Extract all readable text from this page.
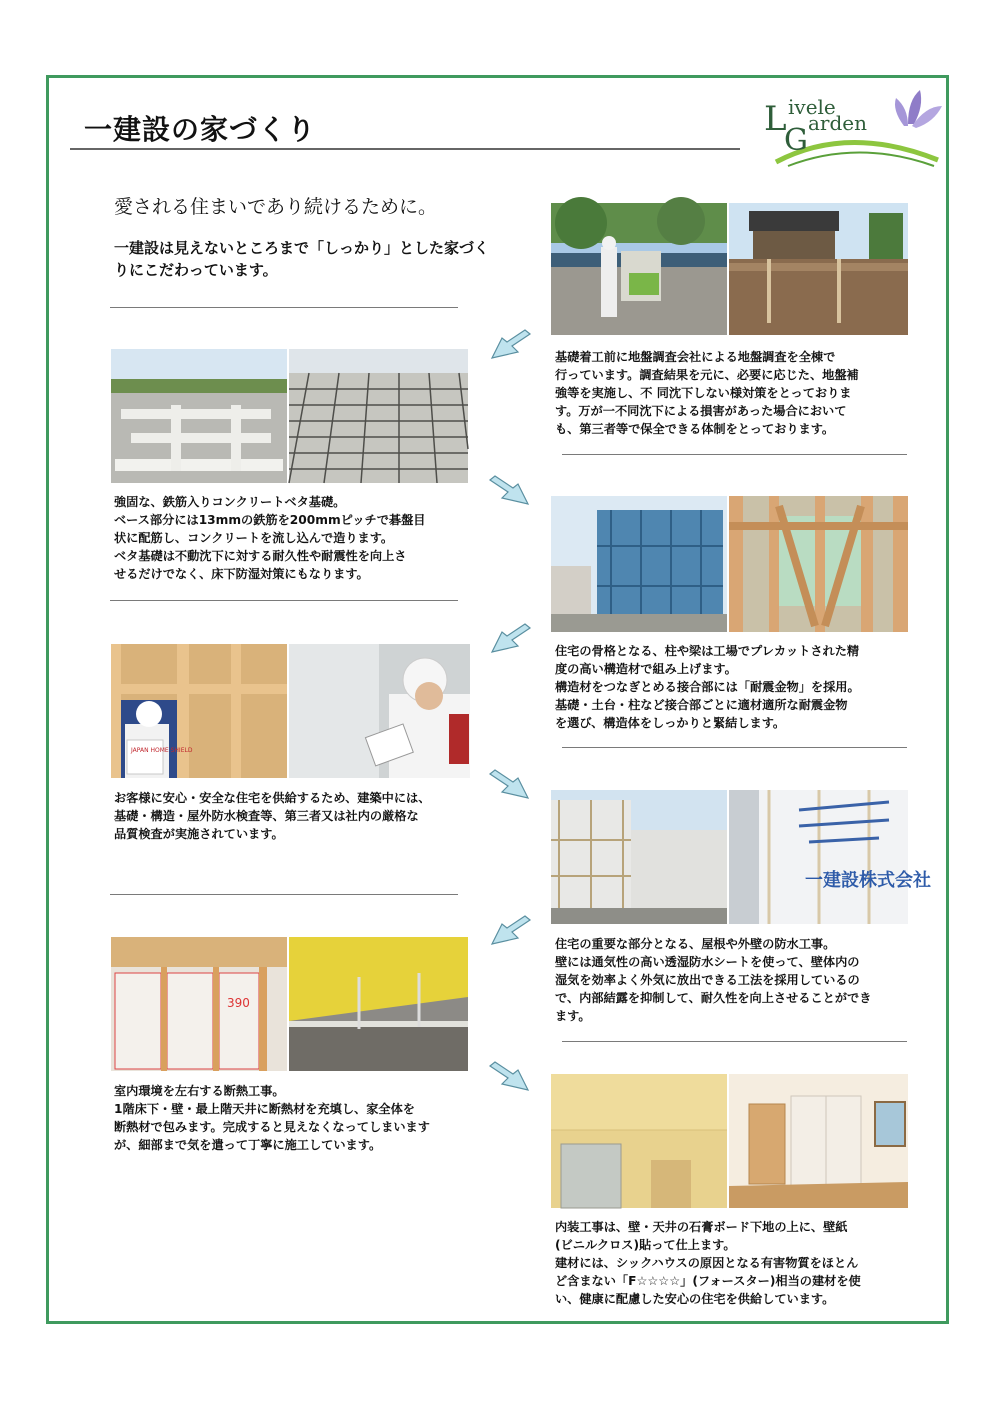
一建設の家づくり	L ivele
G arden

愛される住まいであり続けるために。

一建設は見えないところまで「しっかり」とした家づくりにこだわっています。

基礎着工前に地盤調査会社による地盤調査を全棟で
行っています。調査結果を元に、必要に応じた、地盤補
強等を実施し、不 同沈下しない様対策をとっておりま
す。万が一不同沈下による損害があった場合において
も、第三者等で保全できる体制をとっております。

強固な、鉄筋入りコンクリートベタ基礎。
ベース部分には13mmの鉄筋を200mmピッチで碁盤目
状に配筋し、コンクリートを流し込んで造ります。
ベタ基礎は不動沈下に対する耐久性や耐震性を向上さ
せるだけでなく、床下防湿対策にもなります。

住宅の骨格となる、柱や梁は工場でプレカットされた精
度の高い構造材で組み上げます。
構造材をつなぎとめる接合部には「耐震金物」を採用。
基礎・土台・柱など接合部ごとに適材適所な耐震金物
を選び、構造体をしっかりと緊結します。

JAPAN HOME SHIELD

お客様に安心・安全な住宅を供給するため、建築中には、
基礎・構造・屋外防水検査等、第三者又は社内の厳格な
品質検査が実施されています。

一建設株式会社

住宅の重要な部分となる、屋根や外壁の防水工事。
壁には通気性の高い透湿防水シートを使って、壁体内の
湿気を効率よく外気に放出できる工法を採用しているの
で、内部結露を抑制して、耐久性を向上させることができ
ます。

390

室内環境を左右する断熱工事。
1階床下・壁・最上階天井に断熱材を充填し、家全体を
断熱材で包みます。完成すると見えなくなってしまいます
が、細部まで気を遣って丁寧に施工しています。

内装工事は、壁・天井の石膏ボード下地の上に、壁紙
(ビニルクロス)貼って仕上ます。
建材には、シックハウスの原因となる有害物質をほとん
ど含まない「F☆☆☆☆」(フォースター)相当の建材を使
い、健康に配慮した安心の住宅を供給しています。
